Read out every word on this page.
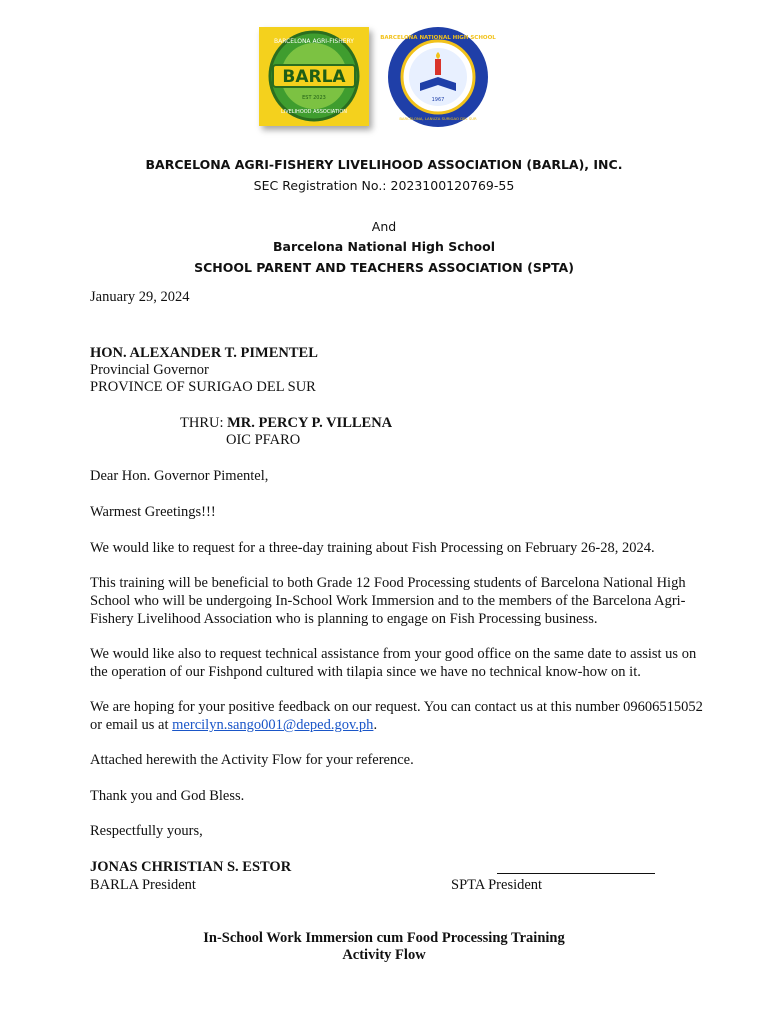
BARLA
BARCELONA AGRI-FISHERY
EST 2023
LIVELIHOOD ASSOCIATION
BARCELONA NATIONAL HIGH SCHOOL
1967
BARCELONA, LANUZA SURIGAO DEL SUR
BARCELONA AGRI-FISHERY LIVELIHOOD ASSOCIATION (BARLA), INC.
SEC Registration No.: 2023100120769-55
And
Barcelona National High School
SCHOOL PARENT AND TEACHERS ASSOCIATION (SPTA)
January 29, 2024
HON. ALEXANDER T. PIMENTEL
Provincial Governor
PROVINCE OF SURIGAO DEL SUR
THRU: MR. PERCY P. VILLENA
OIC PFARO
Dear Hon. Governor Pimentel,
Warmest Greetings!!!
We would like to request for a three-day training about Fish Processing on February 26-28, 2024.
This training will be beneficial to both Grade 12 Food Processing students of Barcelona National High
School who will be undergoing In-School Work Immersion and to the members of the Barcelona Agri-
Fishery Livelihood Association who is planning to engage on Fish Processing business.
We would like also to request technical assistance from your good office on the same date to assist us on
the operation of our Fishpond cultured with tilapia since we have no technical know-how on it.
We are hoping for your positive feedback on our request. You can contact us at this number 09606515052
or email us at mercilyn.sango001@deped.gov.ph.
Attached herewith the Activity Flow for your reference.
Thank you and God Bless.
Respectfully yours,
JONAS CHRISTIAN S. ESTOR
BARLA President	SPTA President
In-School Work Immersion cum Food Processing Training
Activity Flow
